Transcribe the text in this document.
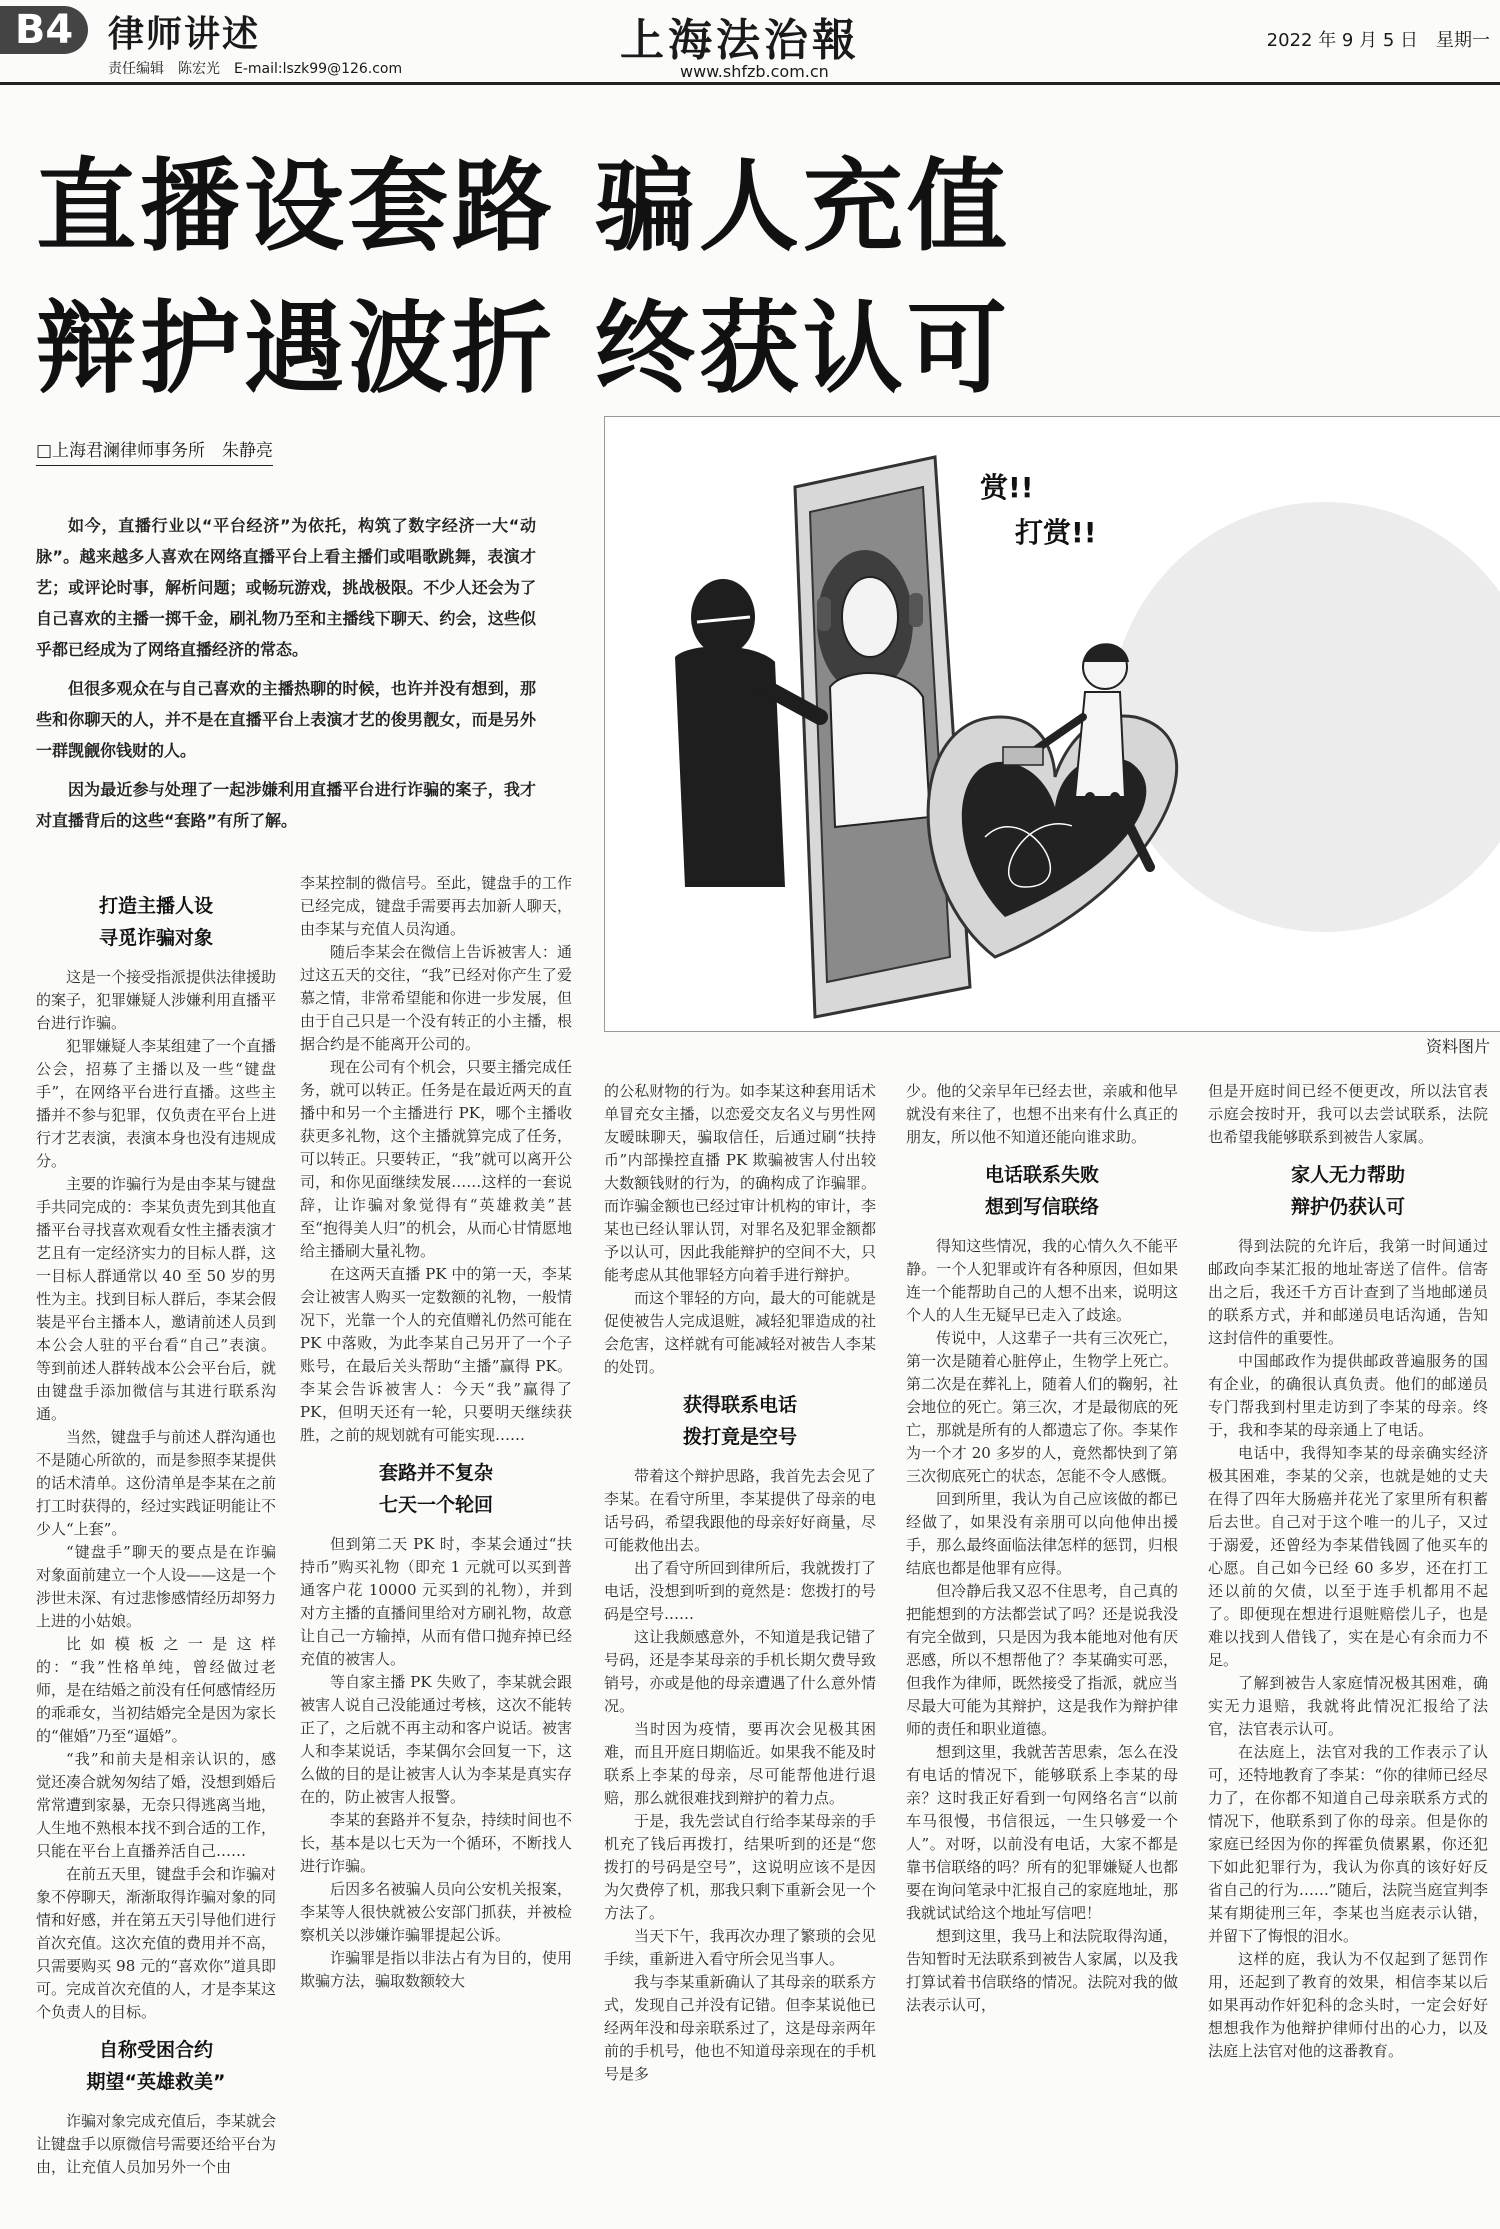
B4 律师讲述
责任编辑　陈宏光　E-mail:lszk99@126.com
上海法治報
www.shfzb.com.cn
2022 年 9 月 5 日　星期一
直播设套路 骗人充值
辩护遇波折 终获认可
□上海君澜律师事务所　朱静亮

如今，直播行业以“平台经济”为依托，构筑了数字经济一大“动脉”。越来越多人喜欢在网络直播平台上看主播们或唱歌跳舞，表演才艺；或评论时事，解析问题；或畅玩游戏，挑战极限。不少人还会为了自己喜欢的主播一掷千金，刷礼物乃至和主播线下聊天、约会，这些似乎都已经成为了网络直播经济的常态。

但很多观众在与自己喜欢的主播热聊的时候，也许并没有想到，那些和你聊天的人，并不是在直播平台上表演才艺的俊男靓女，而是另外一群觊觎你钱财的人。

因为最近参与处理了一起涉嫌利用直播平台进行诈骗的案子，我才对直播背后的这些“套路”有所了解。

赏!!
打赏!!
资料图片
打造主播人设
寻觅诈骗对象

这是一个接受指派提供法律援助的案子，犯罪嫌疑人涉嫌利用直播平台进行诈骗。

犯罪嫌疑人李某组建了一个直播公会，招募了主播以及一些“键盘手”，在网络平台进行直播。这些主播并不参与犯罪，仅负责在平台上进行才艺表演，表演本身也没有违规成分。

主要的诈骗行为是由李某与键盘手共同完成的：李某负责先到其他直播平台寻找喜欢观看女性主播表演才艺且有一定经济实力的目标人群，这一目标人群通常以 40 至 50 岁的男性为主。找到目标人群后，李某会假装是平台主播本人，邀请前述人员到本公会人驻的平台看“自己”表演。等到前述人群转战本公会平台后，就由键盘手添加微信与其进行联系沟通。

当然，键盘手与前述人群沟通也不是随心所欲的，而是参照李某提供的话术清单。这份清单是李某在之前打工时获得的，经过实践证明能让不少人“上套”。

“键盘手”聊天的要点是在诈骗对象面前建立一个人设——这是一个涉世未深、有过悲惨感情经历却努力上进的小姑娘。

比如模板之一是这样的：“我”性格单纯，曾经做过老师，是在结婚之前没有任何感情经历的乖乖女，当初结婚完全是因为家长的“催婚”乃至“逼婚”。

“我”和前夫是相亲认识的，感觉还凑合就匆匆结了婚，没想到婚后常常遭到家暴，无奈只得逃离当地，人生地不熟根本找不到合适的工作，只能在平台上直播养活自己……

在前五天里，键盘手会和诈骗对象不停聊天，渐渐取得诈骗对象的同情和好感，并在第五天引导他们进行首次充值。这次充值的费用并不高，只需要购买 98 元的“喜欢你”道具即可。完成首次充值的人，才是李某这个负责人的目标。

自称受困合约
期望“英雄救美”

诈骗对象完成充值后，李某就会让键盘手以原微信号需要还给平台为由，让充值人员加另外一个由

李某控制的微信号。至此，键盘手的工作已经完成，键盘手需要再去加新人聊天，由李某与充值人员沟通。

随后李某会在微信上告诉被害人：通过这五天的交往，“我”已经对你产生了爱慕之情，非常希望能和你进一步发展，但由于自己只是一个没有转正的小主播，根据合约是不能离开公司的。

现在公司有个机会，只要主播完成任务，就可以转正。任务是在最近两天的直播中和另一个主播进行 PK，哪个主播收获更多礼物，这个主播就算完成了任务，可以转正。只要转正，“我”就可以离开公司，和你见面继续发展……这样的一套说辞，让诈骗对象觉得有“英雄救美”甚至“抱得美人归”的机会，从而心甘情愿地给主播刷大量礼物。

在这两天直播 PK 中的第一天，李某会让被害人购买一定数额的礼物，一般情况下，光靠一个人的充值赠礼仍然可能在 PK 中落败，为此李某自己另开了一个子账号，在最后关头帮助“主播”赢得 PK。李某会告诉被害人：今天“我”赢得了 PK，但明天还有一轮，只要明天继续获胜，之前的规划就有可能实现……

套路并不复杂
七天一个轮回

但到第二天 PK 时，李某会通过“扶持币”购买礼物（即充 1 元就可以买到普通客户花 10000 元买到的礼物），并到对方主播的直播间里给对方刷礼物，故意让自己一方输掉，从而有借口抛弃掉已经充值的被害人。

等自家主播 PK 失败了，李某就会跟被害人说自己没能通过考核，这次不能转正了，之后就不再主动和客户说话。被害人和李某说话，李某偶尔会回复一下，这么做的目的是让被害人认为李某是真实存在的，防止被害人报警。

李某的套路并不复杂，持续时间也不长，基本是以七天为一个循环，不断找人进行诈骗。

后因多名被骗人员向公安机关报案，李某等人很快就被公安部门抓获，并被检察机关以涉嫌诈骗罪提起公诉。

诈骗罪是指以非法占有为目的，使用欺骗方法，骗取数额较大

的公私财物的行为。如李某这种套用话术单冒充女主播，以恋爱交友名义与男性网友暧昧聊天，骗取信任，后通过刷“扶持币”内部操控直播 PK 欺骗被害人付出较大数额钱财的行为，的确构成了诈骗罪。而诈骗金额也已经过审计机构的审计，李某也已经认罪认罚，对罪名及犯罪金额都予以认可，因此我能辩护的空间不大，只能考虑从其他罪轻方向着手进行辩护。

而这个罪轻的方向，最大的可能就是促使被告人完成退赃，减轻犯罪造成的社会危害，这样就有可能减轻对被告人李某的处罚。

获得联系电话
拨打竟是空号

带着这个辩护思路，我首先去会见了李某。在看守所里，李某提供了母亲的电话号码，希望我跟他的母亲好好商量，尽可能救他出去。

出了看守所回到律所后，我就拨打了电话，没想到听到的竟然是：您拨打的号码是空号……

这让我颇感意外，不知道是我记错了号码，还是李某母亲的手机长期欠费导致销号，亦或是他的母亲遭遇了什么意外情况。

当时因为疫情，要再次会见极其困难，而且开庭日期临近。如果我不能及时联系上李某的母亲，尽可能帮他进行退赔，那么就很难找到辩护的着力点。

于是，我先尝试自行给李某母亲的手机充了钱后再拨打，结果听到的还是“您拨打的号码是空号”，这说明应该不是因为欠费停了机，那我只剩下重新会见一个方法了。

当天下午，我再次办理了繁琐的会见手续，重新进入看守所会见当事人。

我与李某重新确认了其母亲的联系方式，发现自己并没有记错。但李某说他已经两年没和母亲联系过了，这是母亲两年前的手机号，他也不知道母亲现在的手机号是多

少。他的父亲早年已经去世，亲戚和他早就没有来往了，也想不出来有什么真正的朋友，所以他不知道还能向谁求助。

电话联系失败
想到写信联络

得知这些情况，我的心情久久不能平静。一个人犯罪或许有各种原因，但如果连一个能帮助自己的人想不出来，说明这个人的人生无疑早已走入了歧途。

传说中，人这辈子一共有三次死亡，第一次是随着心脏停止，生物学上死亡。第二次是在葬礼上，随着人们的鞠躬，社会地位的死亡。第三次，才是最彻底的死亡，那就是所有的人都遗忘了你。李某作为一个才 20 多岁的人，竟然都快到了第三次彻底死亡的状态，怎能不令人感慨。

回到所里，我认为自己应该做的都已经做了，如果没有亲朋可以向他伸出援手，那么最终面临法律怎样的惩罚，归根结底也都是他罪有应得。

但冷静后我又忍不住思考，自己真的把能想到的方法都尝试了吗？还是说我没有完全做到，只是因为我本能地对他有厌恶感，所以不想帮他了？李某确实可恶，但我作为律师，既然接受了指派，就应当尽最大可能为其辩护，这是我作为辩护律师的责任和职业道德。

想到这里，我就苦苦思索，怎么在没有电话的情况下，能够联系上李某的母亲？这时我正好看到一句网络名言“以前车马很慢，书信很远，一生只够爱一个人”。对呀，以前没有电话，大家不都是靠书信联络的吗？所有的犯罪嫌疑人也都要在询问笔录中汇报自己的家庭地址，那我就试试给这个地址写信吧！

想到这里，我马上和法院取得沟通，告知暂时无法联系到被告人家属，以及我打算试着书信联络的情况。法院对我的做法表示认可，

但是开庭时间已经不便更改，所以法官表示庭会按时开，我可以去尝试联系，法院也希望我能够联系到被告人家属。

家人无力帮助
辩护仍获认可

得到法院的允许后，我第一时间通过邮政向李某汇报的地址寄送了信件。信寄出之后，我还千方百计查到了当地邮递员的联系方式，并和邮递员电话沟通，告知这封信件的重要性。

中国邮政作为提供邮政普遍服务的国有企业，的确很认真负责。他们的邮递员专门帮我到村里走访到了李某的母亲。终于，我和李某的母亲通上了电话。

电话中，我得知李某的母亲确实经济极其困难，李某的父亲，也就是她的丈夫在得了四年大肠癌并花光了家里所有积蓄后去世。自己对于这个唯一的儿子，又过于溺爱，还曾经为李某借钱圆了他买车的心愿。自己如今已经 60 多岁，还在打工还以前的欠债，以至于连手机都用不起了。即便现在想进行退赃赔偿儿子，也是难以找到人借钱了，实在是心有余而力不足。

了解到被告人家庭情况极其困难，确实无力退赔，我就将此情况汇报给了法官，法官表示认可。

在法庭上，法官对我的工作表示了认可，还特地教育了李某：“你的律师已经尽力了，在你都不知道自己母亲联系方式的情况下，他联系到了你的母亲。但是你的家庭已经因为你的挥霍负债累累，你还犯下如此犯罪行为，我认为你真的该好好反省自己的行为……”随后，法院当庭宣判李某有期徒刑三年，李某也当庭表示认错，并留下了悔恨的泪水。

这样的庭，我认为不仅起到了惩罚作用，还起到了教育的效果，相信李某以后如果再动作奸犯科的念头时，一定会好好想想我作为他辩护律师付出的心力，以及法庭上法官对他的这番教育。
